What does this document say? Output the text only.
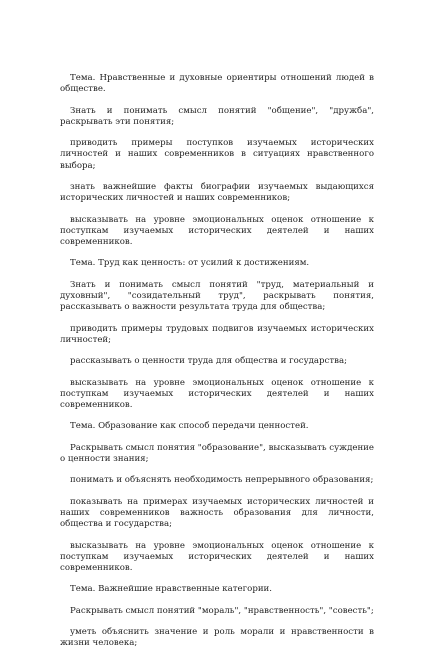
Тема. Нравственные и духовные ориентиры отношений людей в обществе.

Знать и понимать смысл понятий "общение", "дружба", раскрывать эти понятия;

приводить примеры поступков изучаемых исторических личностей и наших современников в ситуациях нравственного выбора;

знать важнейшие факты биографии изучаемых выдающихся исторических личностей и наших современников;

высказывать на уровне эмоциональных оценок отношение к поступкам изучаемых исторических деятелей и наших современников.

Тема. Труд как ценность: от усилий к достижениям.

Знать и понимать смысл понятий "труд, материальный и духовный", "созидательный труд", раскрывать понятия, рассказывать о важности результата труда для общества;

приводить примеры трудовых подвигов изучаемых исторических личностей;

рассказывать о ценности труда для общества и государства;

высказывать на уровне эмоциональных оценок отношение к поступкам изучаемых исторических деятелей и наших современников.

Тема. Образование как способ передачи ценностей.

Раскрывать смысл понятия "образование", высказывать суждение о ценности знания;

понимать и объяснять необходимость непрерывного образования;

показывать на примерах изучаемых исторических личностей и наших современников важность образования для личности, общества и государства;

высказывать на уровне эмоциональных оценок отношение к поступкам изучаемых исторических деятелей и наших современников.

Тема. Важнейшие нравственные категории.

Раскрывать смысл понятий "мораль", "нравственность", "совесть";

уметь объяснить значение и роль морали и нравственности в жизни человека;
